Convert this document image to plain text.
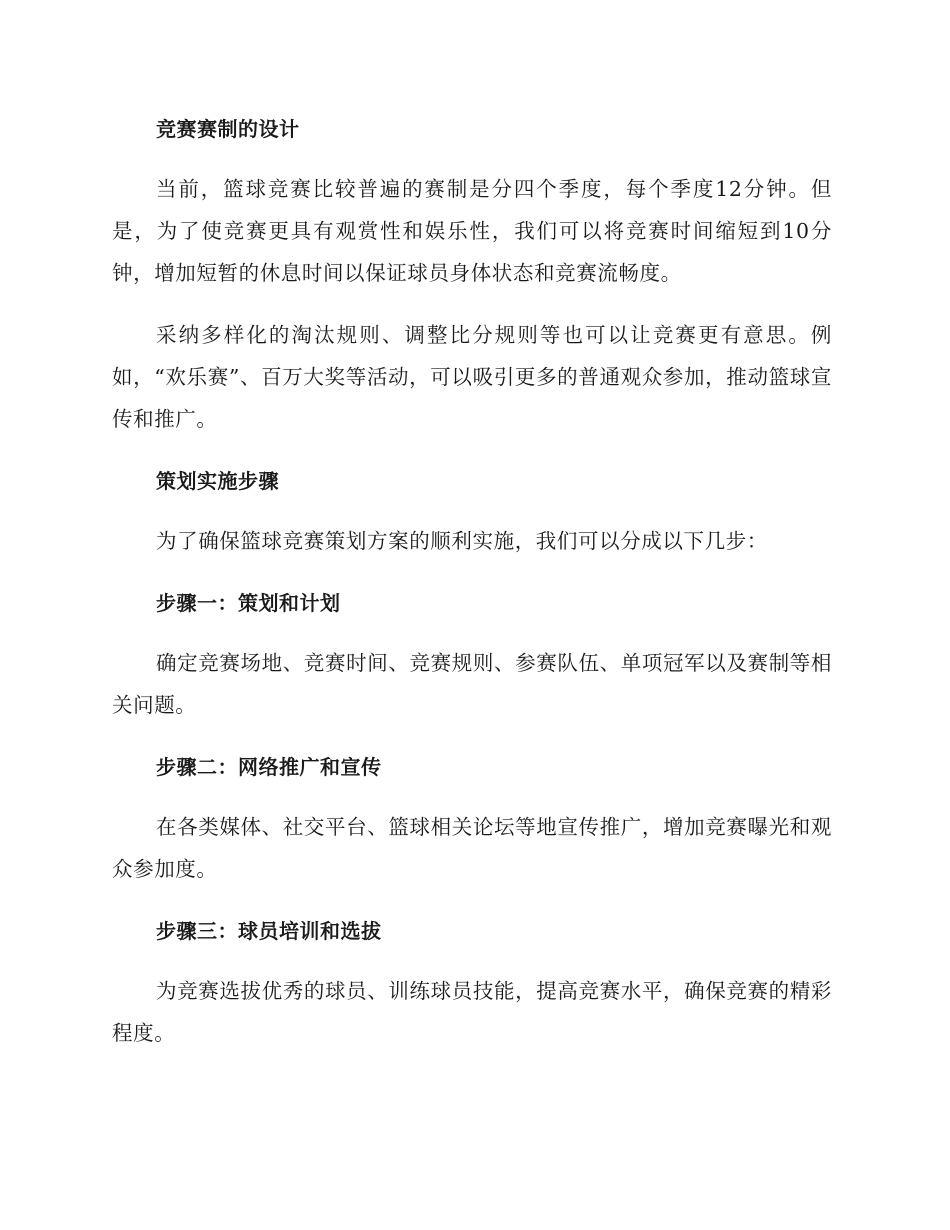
竞赛赛制的设计

当前，篮球竞赛比较普遍的赛制是分四个季度，每个季度12分钟。但是，为了使竞赛更具有观赏性和娱乐性，我们可以将竞赛时间缩短到10分钟，增加短暂的休息时间以保证球员身体状态和竞赛流畅度。

采纳多样化的淘汰规则、调整比分规则等也可以让竞赛更有意思。例如，“欢乐赛”、百万大奖等活动，可以吸引更多的普通观众参加，推动篮球宣传和推广。

策划实施步骤

为了确保篮球竞赛策划方案的顺利实施，我们可以分成以下几步：

步骤一：策划和计划

确定竞赛场地、竞赛时间、竞赛规则、参赛队伍、单项冠军以及赛制等相关问题。

步骤二：网络推广和宣传

在各类媒体、社交平台、篮球相关论坛等地宣传推广，增加竞赛曝光和观众参加度。

步骤三：球员培训和选拔

为竞赛选拔优秀的球员、训练球员技能，提高竞赛水平，确保竞赛的精彩程度。
